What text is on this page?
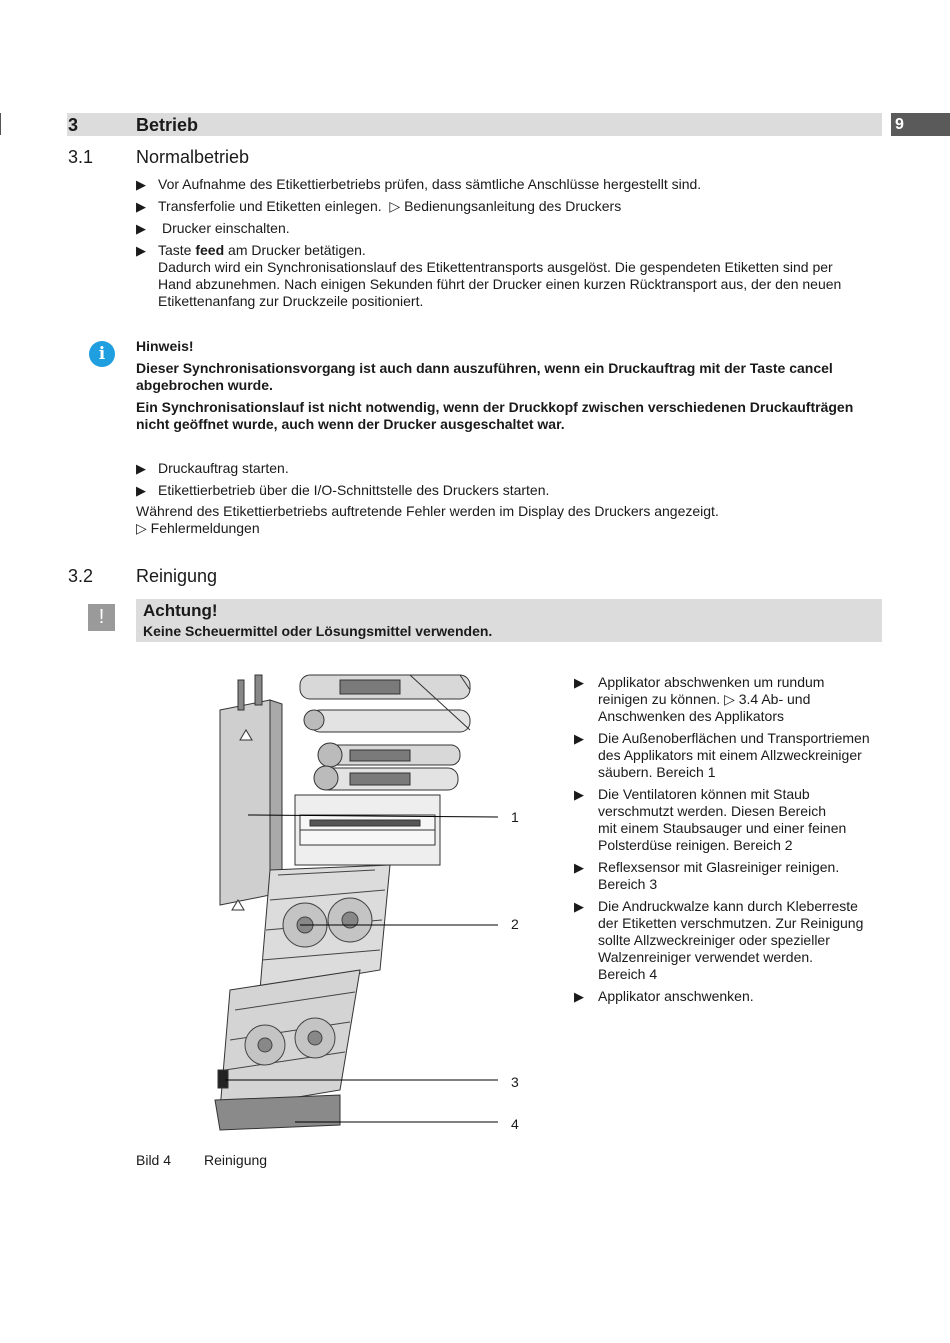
3	Betrieb	9
3.1 Normalbetrieb
▶ Vor Aufnahme des Etikettierbetriebs prüfen, dass sämtliche Anschlüsse hergestellt sind.
▶ Transferfolie und Etiketten einlegen. ▷ Bedienungsanleitung des Druckers
▶ Drucker einschalten.
▶ Taste feed am Drucker betätigen.
Dadurch wird ein Synchronisationslauf des Etikettentransports ausgelöst. Die gespendeten Etiketten sind per
Hand abzunehmen. Nach einigen Sekunden führt der Drucker einen kurzen Rücktransport aus, der den neuen
Etikettenanfang zur Druckzeile positioniert.
i	Hinweis!
Dieser Synchronisationsvorgang ist auch dann auszuführen, wenn ein Druckauftrag mit der Taste cancel
abgebrochen wurde.
Ein Synchronisationslauf ist nicht notwendig, wenn der Druckkopf zwischen verschiedenen Druckaufträgen
nicht geöffnet wurde, auch wenn der Drucker ausgeschaltet war.
▶ Druckauftrag starten.
▶ Etikettierbetrieb über die I/O-Schnittstelle des Druckers starten.
Während des Etikettierbetriebs auftretende Fehler werden im Display des Druckers angezeigt.
▷ Fehlermeldungen
3.2 Reinigung
!	Achtung!
Keine Scheuermittel oder Lösungsmittel verwenden.
1
2
3
4
Bild 4 Reinigung
▶ Applikator abschwenken um rundum
reinigen zu können. ▷ 3.4 Ab- und
Anschwenken des Applikators
▶ Die Außenoberflächen und Transportriemen
des Applikators mit einem Allzweckreiniger
säubern. Bereich 1
▶ Die Ventilatoren können mit Staub
verschmutzt werden. Diesen Bereich
mit einem Staubsauger und einer feinen
Polsterdüse reinigen. Bereich 2
▶ Reflexsensor mit Glasreiniger reinigen.
Bereich 3
▶ Die Andruckwalze kann durch Kleberreste
der Etiketten verschmutzen. Zur Reinigung
sollte Allzweckreiniger oder spezieller
Walzenreiniger verwendet werden.
Bereich 4
▶ Applikator anschwenken.
